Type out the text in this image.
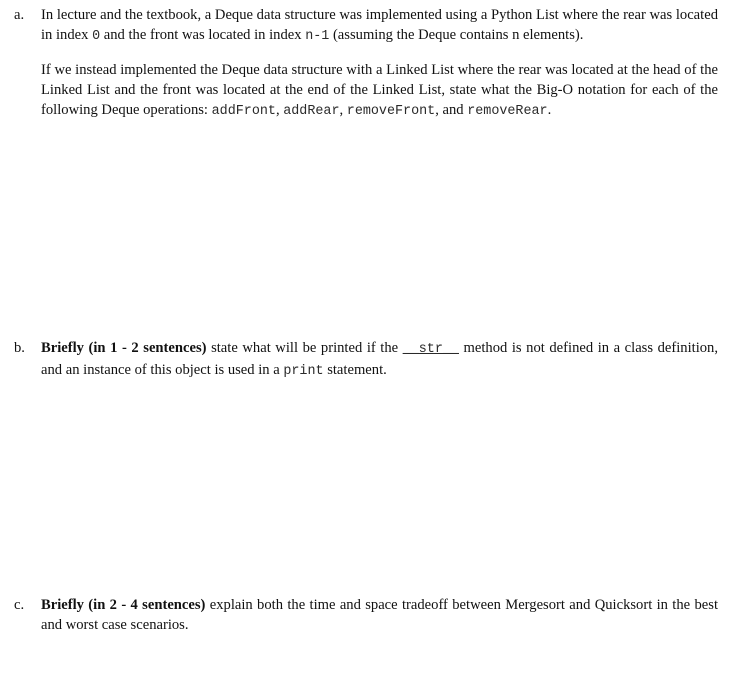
a. In lecture and the textbook, a Deque data structure was implemented using a Python List where the rear was located in index 0 and the front was located in index n-1 (assuming the Deque contains n elements).

If we instead implemented the Deque data structure with a Linked List where the rear was located at the head of the Linked List and the front was located at the end of the Linked List, state what the Big-O notation for each of the following Deque operations: addFront, addRear, removeFront, and removeRear.

b. Briefly (in 1 - 2 sentences) state what will be printed if the __str__ method is not defined in a class definition, and an instance of this object is used in a print statement.

c. Briefly (in 2 - 4 sentences) explain both the time and space tradeoff between Mergesort and Quicksort in the best and worst case scenarios.
